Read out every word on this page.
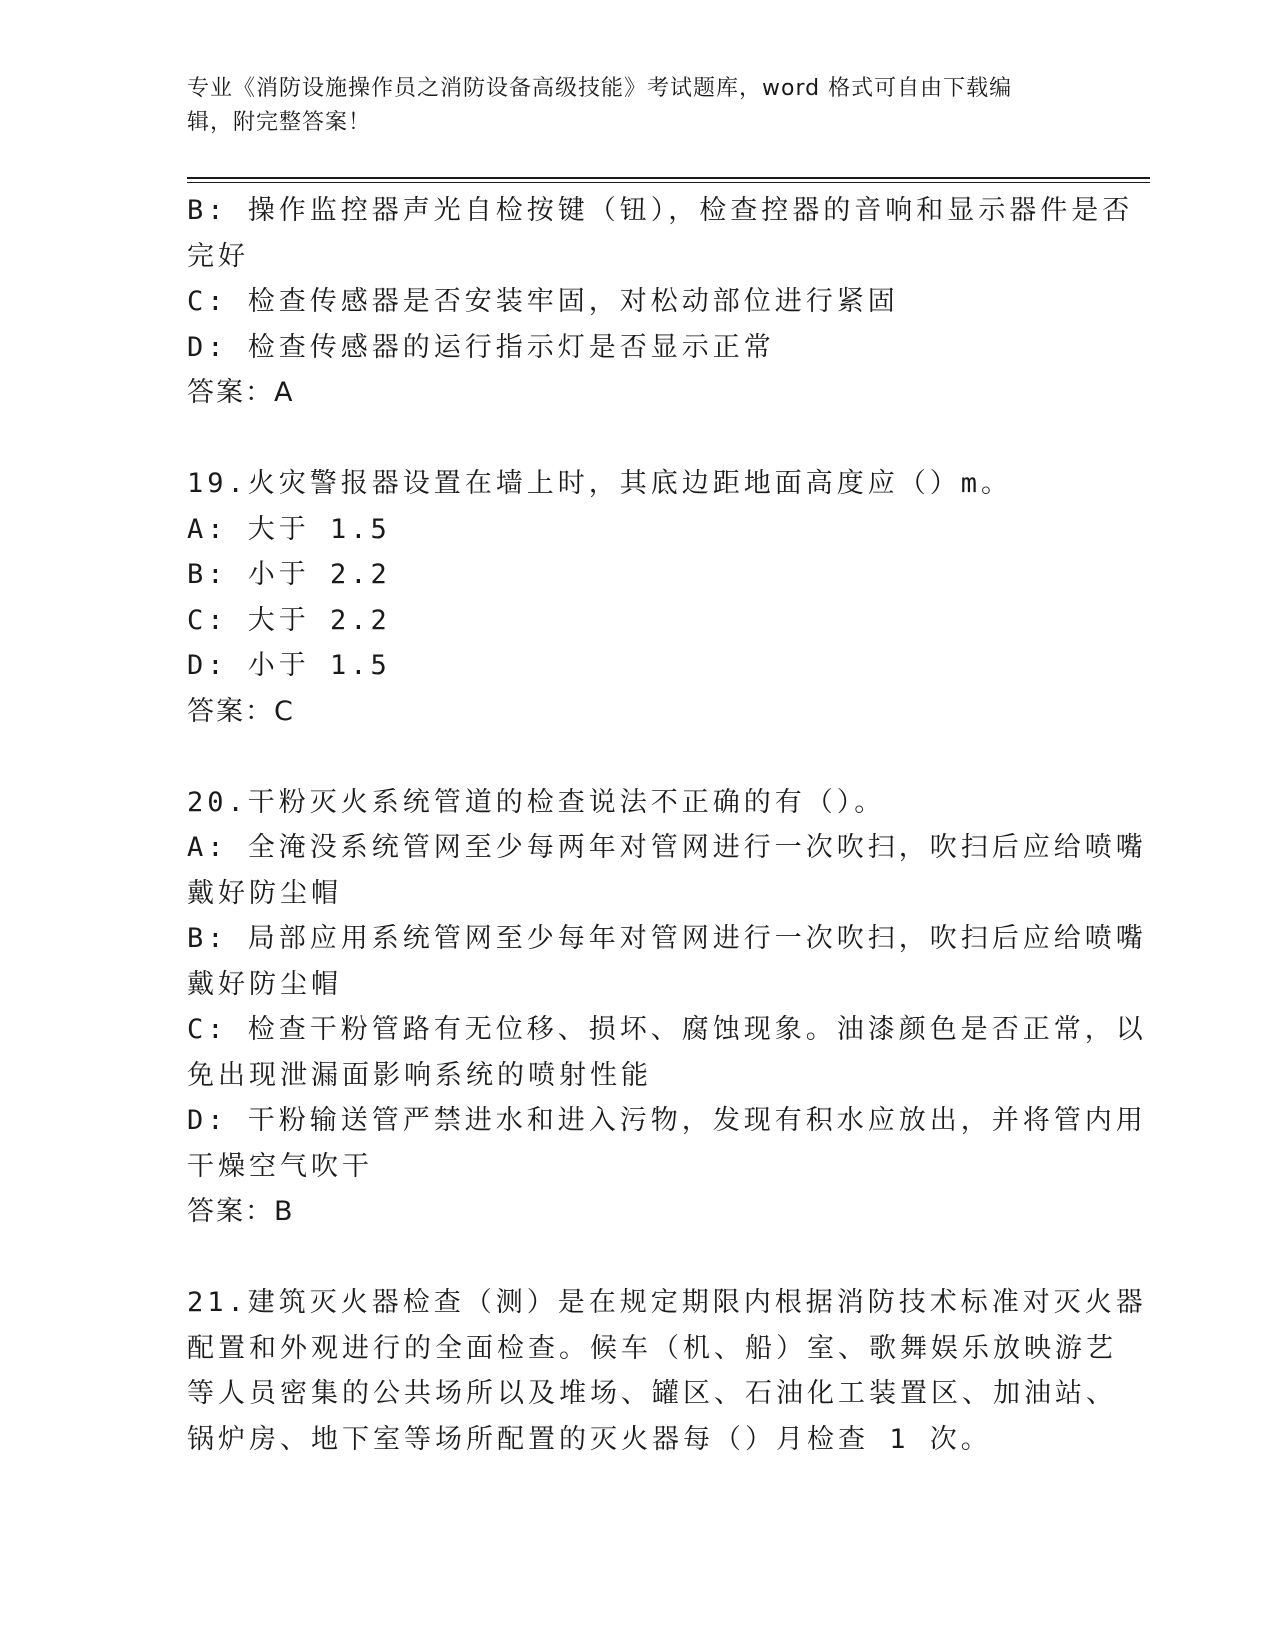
专业《消防设施操作员之消防设备高级技能》考试题库，word 格式可自由下载编
辑，附完整答案！
B: 操作监控器声光自检按键（钮），检查控器的音响和显示器件是否
完好
C: 检查传感器是否安装牢固，对松动部位进行紧固
D: 检查传感器的运行指示灯是否显示正常
答案：A
19.火灾警报器设置在墙上时，其底边距地面高度应（）m。
A: 大于 1.5
B: 小于 2.2
C: 大于 2.2
D: 小于 1.5
答案：C
20.干粉灭火系统管道的检查说法不正确的有（）。
A: 全淹没系统管网至少每两年对管网进行一次吹扫，吹扫后应给喷嘴
戴好防尘帽
B: 局部应用系统管网至少每年对管网进行一次吹扫，吹扫后应给喷嘴
戴好防尘帽
C: 检查干粉管路有无位移、损坏、腐蚀现象。油漆颜色是否正常，以
免出现泄漏面影响系统的喷射性能
D: 干粉输送管严禁进水和进入污物，发现有积水应放出，并将管内用
干燥空气吹干
答案：B
21.建筑灭火器检查（测）是在规定期限内根据消防技术标准对灭火器
配置和外观进行的全面检查。候车（机、船）室、歌舞娱乐放映游艺
等人员密集的公共场所以及堆场、罐区、石油化工装置区、加油站、
锅炉房、地下室等场所配置的灭火器每（）月检查 1 次。
